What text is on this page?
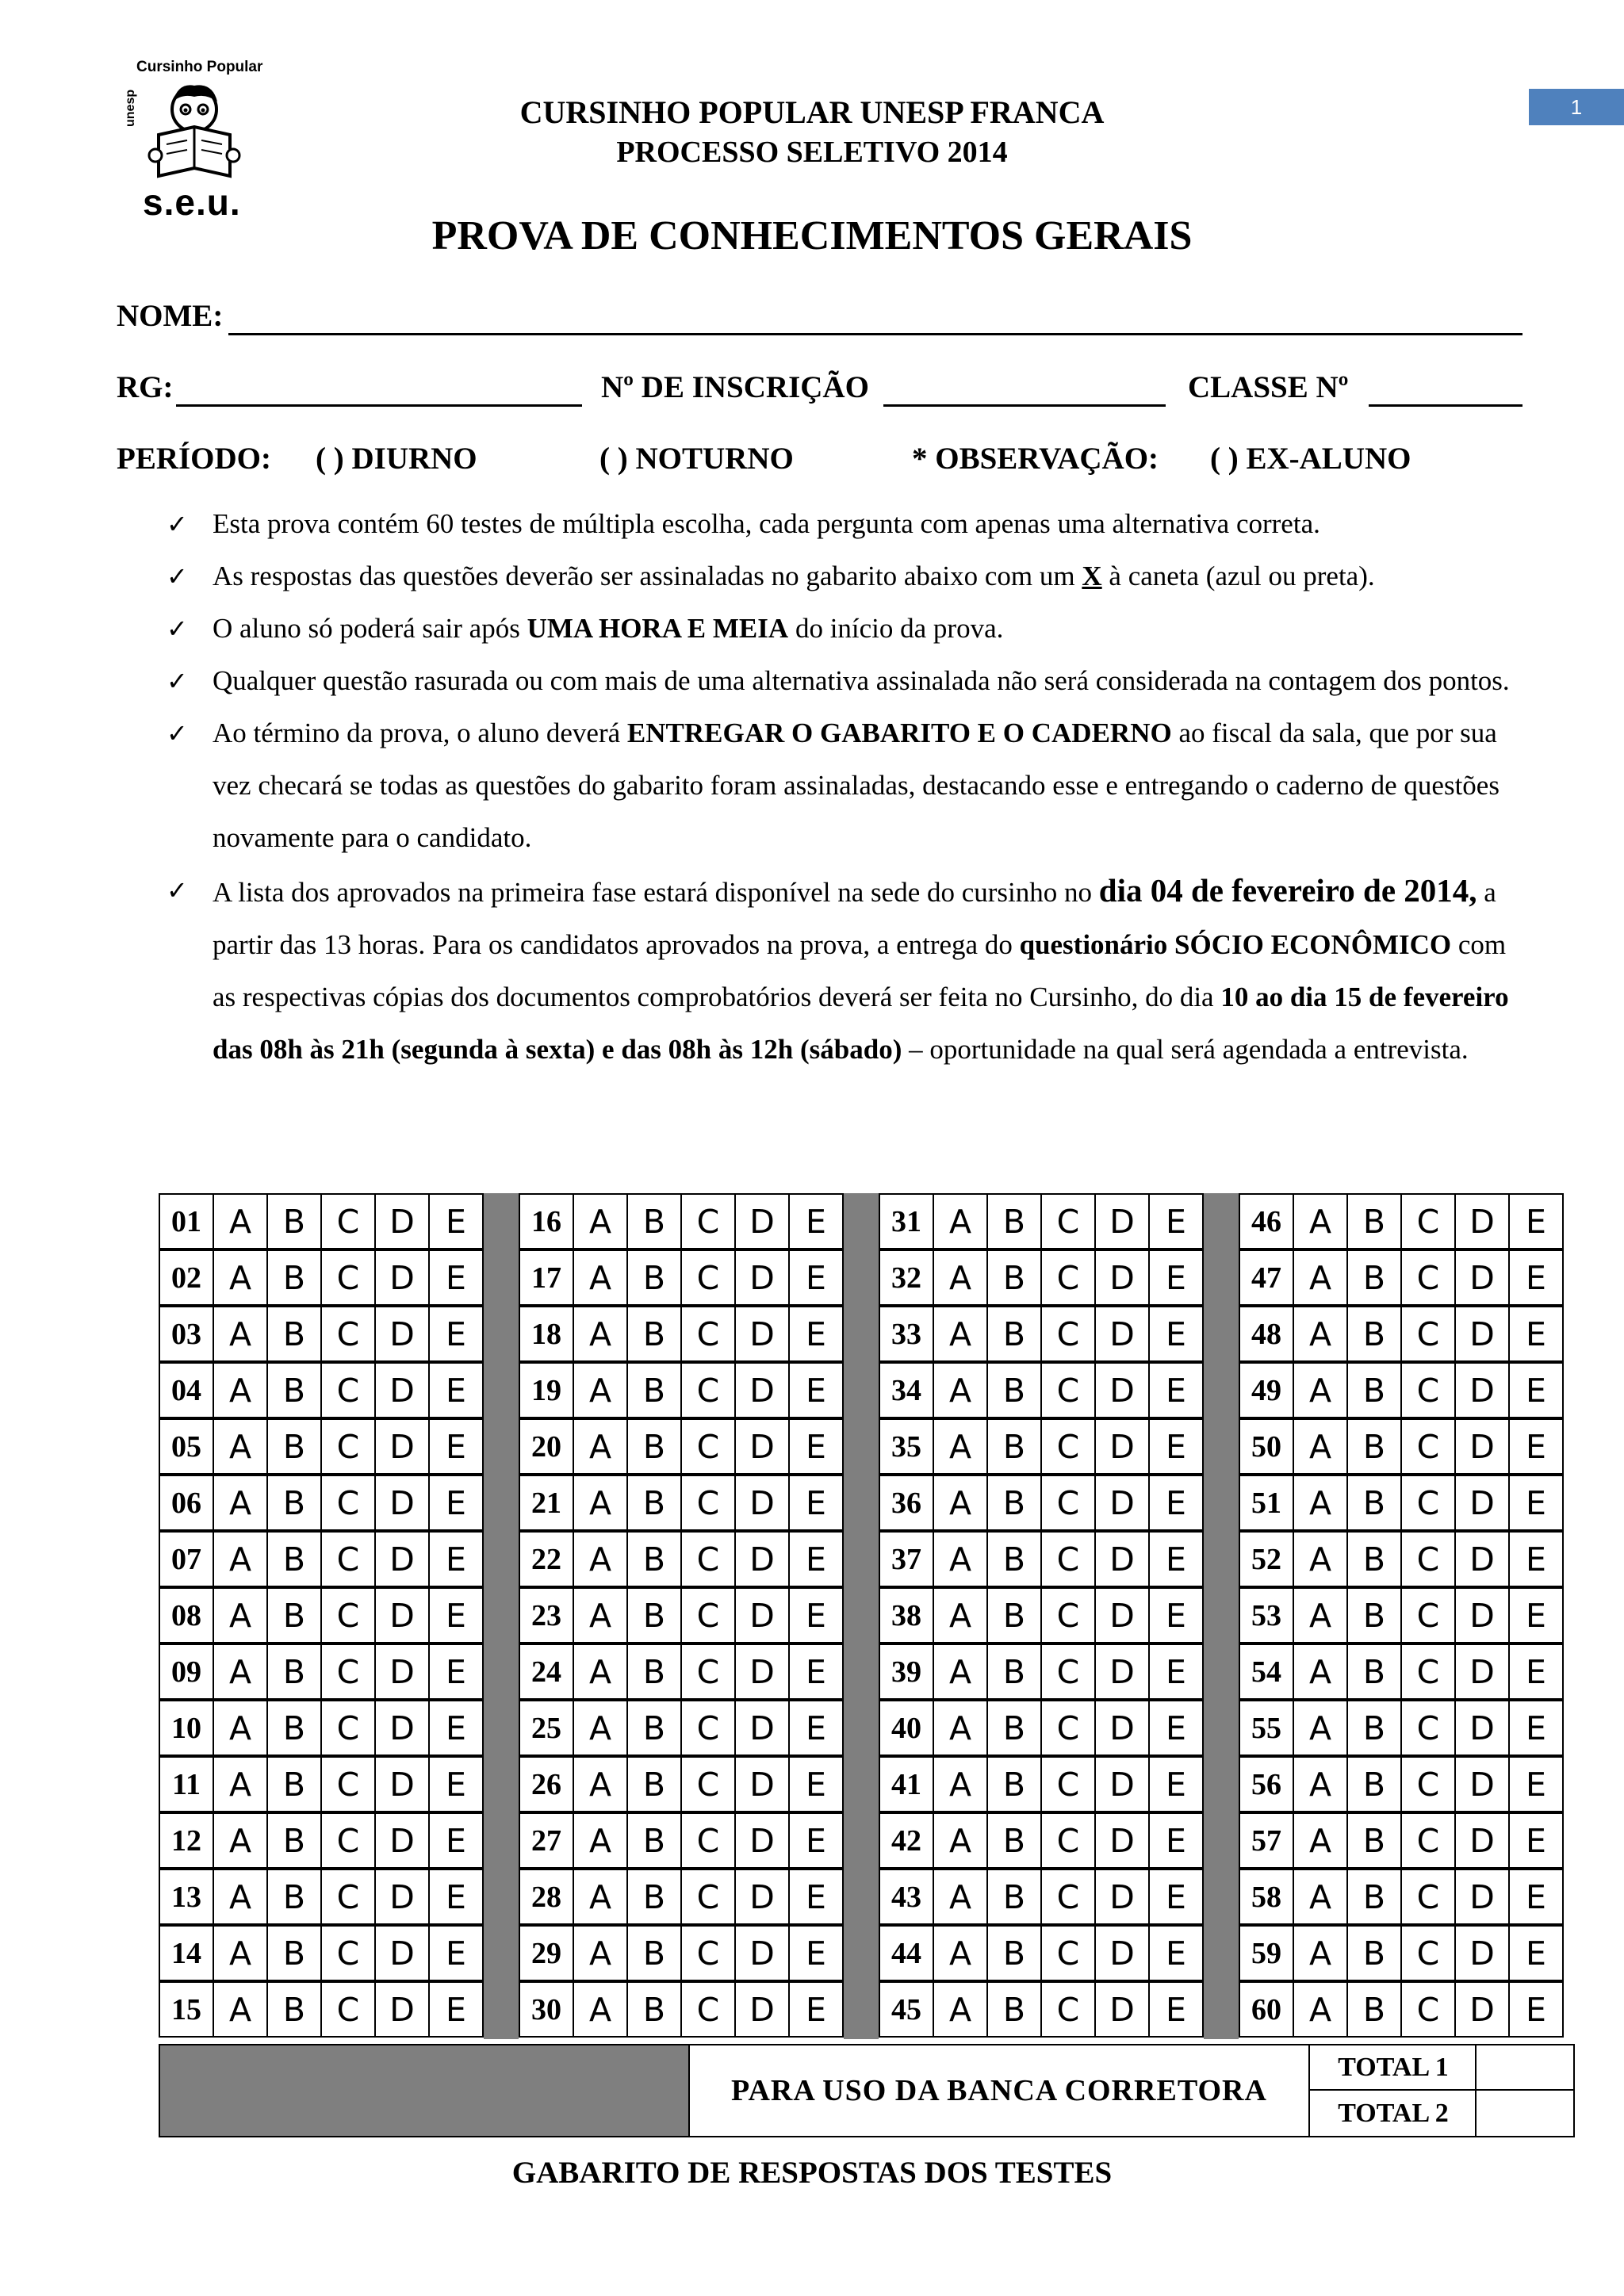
Cursinho Popular
unesp
s.e.u.
1
CURSINHO POPULAR UNESP FRANCA
PROCESSO SELETIVO 2014
PROVA DE CONHECIMENTOS GERAIS
NOME:
RG:	Nº DE INSCRIÇÃO	CLASSE Nº
PERÍODO: ( ) DIURNO	( ) NOTURNO	* OBSERVAÇÃO: ( ) EX-ALUNO
✓ Esta prova contém 60 testes de múltipla escolha, cada pergunta com apenas uma alternativa correta.
✓ As respostas das questões deverão ser assinaladas no gabarito abaixo com um X à caneta (azul ou preta).
✓ O aluno só poderá sair após UMA HORA E MEIA do início da prova.
✓ Qualquer questão rasurada ou com mais de uma alternativa assinalada não será considerada na contagem dos pontos.
✓ Ao término da prova, o aluno deverá ENTREGAR O GABARITO E O CADERNO ao fiscal da sala, que por sua vez checará se todas as questões do gabarito foram assinaladas, destacando esse e entregando o caderno de questões novamente para o candidato.
✓ A lista dos aprovados na primeira fase estará disponível na sede do cursinho no dia 04 de fevereiro de 2014, a partir das 13 horas. Para os candidatos aprovados na prova, a entrega do questionário SÓCIO ECONÔMICO com as respectivas cópias dos documentos comprobatórios deverá ser feita no Cursinho, do dia 10 ao dia 15 de fevereiro das 08h às 21h (segunda à sexta) e das 08h às 12h (sábado) – oportunidade na qual será agendada a entrevista.
01 A B C D E
02 A B C D E
03 A B C D E
04 A B C D E
05 A B C D E
06 A B C D E
07 A B C D E
08 A B C D E
09 A B C D E
10 A B C D E
11 A B C D E
12 A B C D E
13 A B C D E
14 A B C D E
15 A B C D E
16 A B C D E
17 A B C D E
18 A B C D E
19 A B C D E
20 A B C D E
21 A B C D E
22 A B C D E
23 A B C D E
24 A B C D E
25 A B C D E
26 A B C D E
27 A B C D E
28 A B C D E
29 A B C D E
30 A B C D E
31 A B C D E
32 A B C D E
33 A B C D E
34 A B C D E
35 A B C D E
36 A B C D E
37 A B C D E
38 A B C D E
39 A B C D E
40 A B C D E
41 A B C D E
42 A B C D E
43 A B C D E
44 A B C D E
45 A B C D E
46 A B C D E
47 A B C D E
48 A B C D E
49 A B C D E
50 A B C D E
51 A B C D E
52 A B C D E
53 A B C D E
54 A B C D E
55 A B C D E
56 A B C D E
57 A B C D E
58 A B C D E
59 A B C D E
60 A B C D E
PARA USO DA BANCA CORRETORA
TOTAL 1
TOTAL 2
GABARITO DE RESPOSTAS DOS TESTES
